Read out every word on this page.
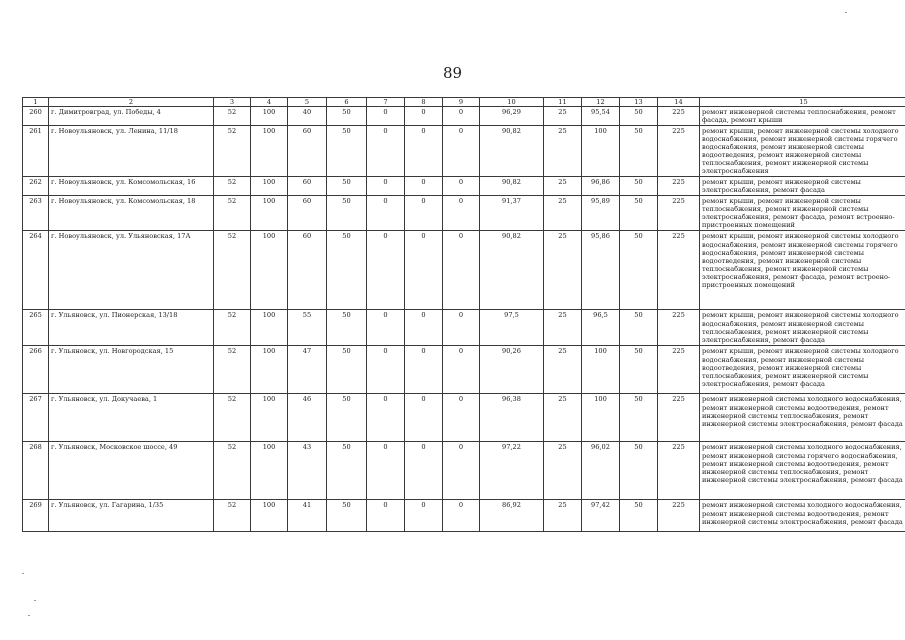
89
1	2	3	4	5	6	7	8	9	10	11	12	13	14	15
260	г. Димитровград, ул. Победы, 4	52	100	40	50	0	0	0	96,29	25	95,54	50	225	ремонт инженерной системы теплоснабжения, ремонт фасада, ремонт крыши
261	г. Новоульяновск, ул. Ленина, 11/18	52	100	60	50	0	0	0	90,82	25	100	50	225	ремонт крыши, ремонт инженерной системы холодного водоснабжения, ремонт инженерной системы горячего водоснабжения, ремонт инженерной системы водоотведения, ремонт инженерной системы теплоснабжения, ремонт инженерной системы электроснабжения
262	г. Новоульяновск, ул. Комсомольская, 16	52	100	60	50	0	0	0	90,82	25	96,86	50	225	ремонт крыши, ремонт инженерной системы электроснабжения, ремонт фасада
263	г. Новоульяновск, ул. Комсомольская, 18	52	100	60	50	0	0	0	91,37	25	95,89	50	225	ремонт крыши, ремонт инженерной системы теплоснабжения, ремонт инженерной системы электроснабжения, ремонт фасада, ремонт встроенно-пристроенных помещений
264	г. Новоульяновск, ул. Ульяновская, 17А	52	100	60	50	0	0	0	90,82	25	95,86	50	225	ремонт крыши, ремонт инженерной системы холодного водоснабжения, ремонт инженерной системы горячего водоснабжения, ремонт инженерной системы водоотведения, ремонт инженерной системы теплоснабжения, ремонт инженерной системы электроснабжения, ремонт фасада, ремонт встроено-пристроенных помещений
265	г. Ульяновск, ул. Пионерская, 13/18	52	100	55	50	0	0	0	97,5	25	96,5	50	225	ремонт крыши, ремонт инженерной системы холодного водоснабжения, ремонт инженерной системы теплоснабжения, ремонт инженерной системы электроснабжения, ремонт фасада
266	г. Ульяновск, ул. Новгородская, 15	52	100	47	50	0	0	0	90,26	25	100	50	225	ремонт крыши, ремонт инженерной системы холодного водоснабжения, ремонт инженерной системы водоотведения, ремонт инженерной системы теплоснабжения, ремонт инженерной системы электроснабжения, ремонт фасада
267	г. Ульяновск, ул. Докучаева, 1	52	100	46	50	0	0	0	96,38	25	100	50	225	ремонт инженерной системы холодного водоснабжения, ремонт инженерной системы водоотведения, ремонт инженерной системы теплоснабжения, ремонт инженерной системы электроснабжения, ремонт фасада
268	г. Ульяновск, Московское шоссе, 49	52	100	43	50	0	0	0	97,22	25	96,02	50	225	ремонт инженерной системы холодного водоснабжения, ремонт инженерной системы горячего водоснабжения, ремонт инженерной системы водоотведения, ремонт инженерной системы теплоснабжения, ремонт инженерной системы электроснабжения, ремонт фасада
269	г. Ульяновск, ул. Гагарина, 1/35	52	100	41	50	0	0	0	86,92	25	97,42	50	225	ремонт инженерной системы холодного водоснабжения, ремонт инженерной системы водоотведения, ремонт инженерной системы электроснабжения, ремонт фасада
